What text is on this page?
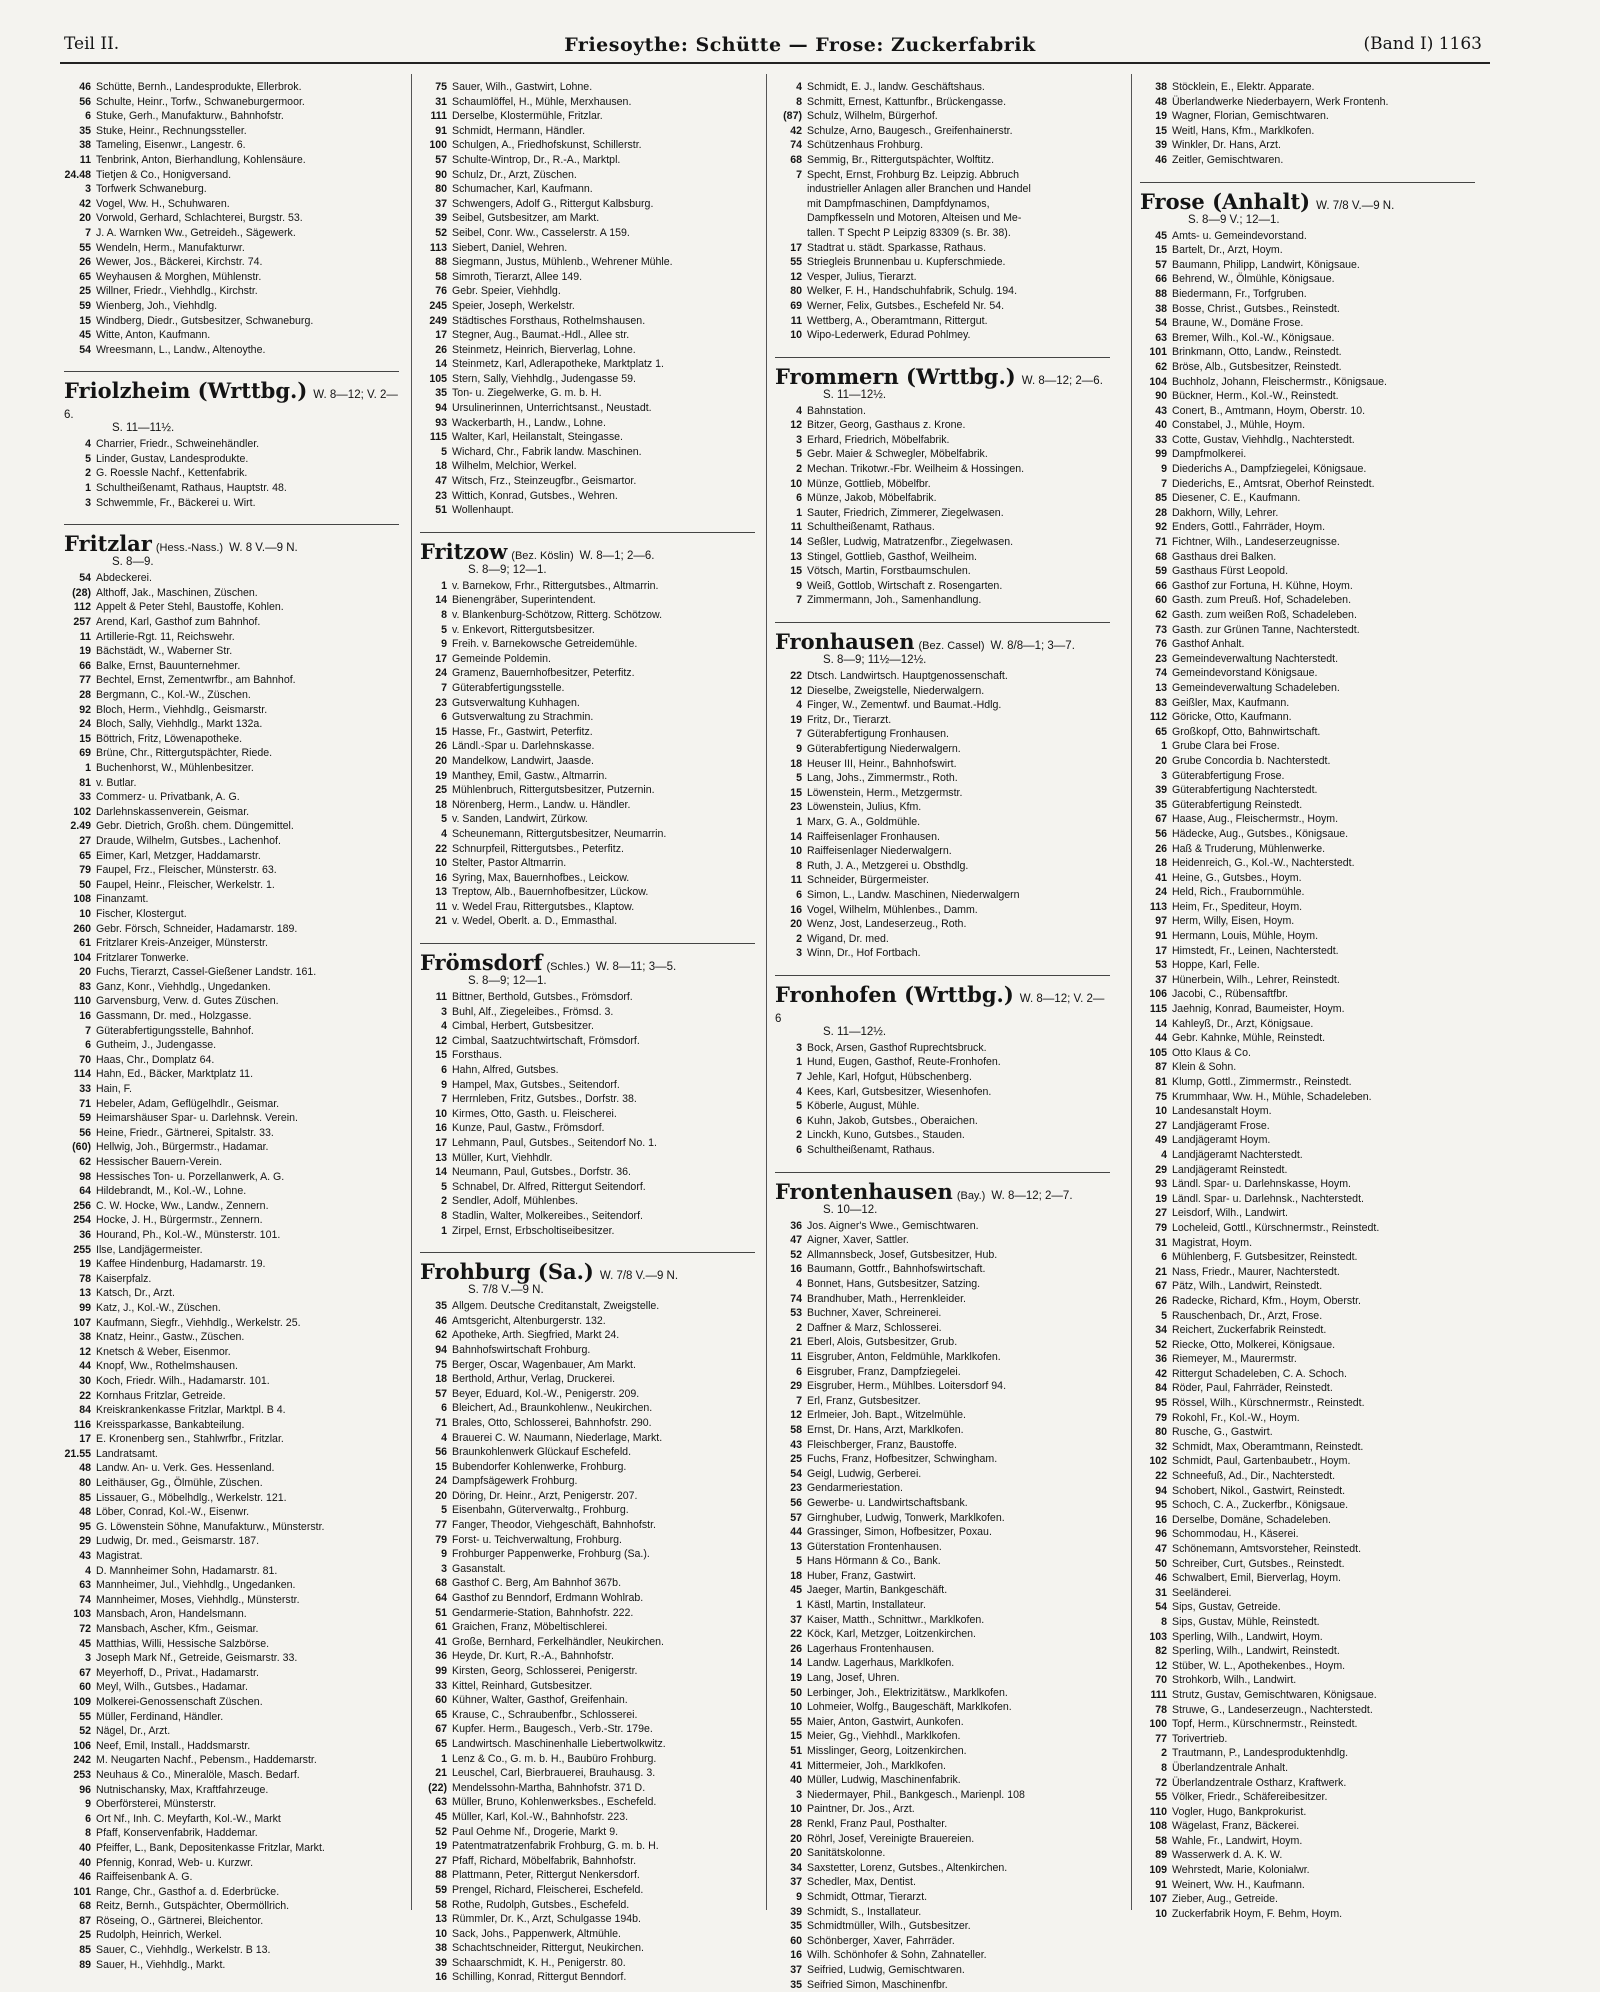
Teil II.	Friesoythe: Schütte — Frose: Zuckerfabrik	(Band I) 1163
46 Schütte, Bernh., Landesprodukte, Ellerbrok.
56 Schulte, Heinr., Torfw., Schwaneburgermoor.
6 Stuke, Gerh., Manufakturw., Bahnhofstr.
35 Stuke, Heinr., Rechnungssteller.
38 Tameling, Eisenwr., Langestr. 6.
11 Tenbrink, Anton, Bierhandlung, Kohlensäure.
24.48 Tietjen & Co., Honigversand.
3 Torfwerk Schwaneburg.
42 Vogel, Ww. H., Schuhwaren.
20 Vorwold, Gerhard, Schlachterei, Burgstr. 53.
7 J. A. Warnken Ww., Getreideh., Sägewerk.
55 Wendeln, Herm., Manufakturwr.
26 Wewer, Jos., Bäckerei, Kirchstr. 74.
65 Weyhausen & Morghen, Mühlenstr.
25 Willner, Friedr., Viehhdlg., Kirchstr.
59 Wienberg, Joh., Viehhdlg.
15 Windberg, Diedr., Gutsbesitzer, Schwaneburg.
45 Witte, Anton, Kaufmann.
54 Wreesmann, L., Landw., Altenoythe.
Friolzheim (Wrttbg.) W. 8—12; V. 2—6.
S. 11—11½.
4 Charrier, Friedr., Schweinehändler.
5 Linder, Gustav, Landesprodukte.
2 G. Roessle Nachf., Kettenfabrik.
1 Schultheißenamt, Rathaus, Hauptstr. 48.
3 Schwemmle, Fr., Bäckerei u. Wirt.
Fritzlar (Hess.-Nass.) W. 8 V.—9 N.
S. 8—9.
54 Abdeckerei.
(28) Althoff, Jak., Maschinen, Züschen.
112 Appelt & Peter Stehl, Baustoffe, Kohlen.
257 Arend, Karl, Gasthof zum Bahnhof.
11 Artillerie-Rgt. 11, Reichswehr.
19 Bächstädt, W., Waberner Str.
66 Balke, Ernst, Bauunternehmer.
77 Bechtel, Ernst, Zementwrfbr., am Bahnhof.
28 Bergmann, C., Kol.-W., Züschen.
92 Bloch, Herm., Viehhdlg., Geismarstr.
24 Bloch, Sally, Viehhdlg., Markt 132a.
15 Böttrich, Fritz, Löwenapotheke.
69 Brüne, Chr., Rittergutspächter, Riede.
1 Buchenhorst, W., Mühlenbesitzer.
81 v. Butlar.
33 Commerz- u. Privatbank, A. G.
102 Darlehnskassenverein, Geismar.
2.49 Gebr. Dietrich, Großh. chem. Düngemittel.
27 Draude, Wilhelm, Gutsbes., Lachenhof.
65 Eimer, Karl, Metzger, Haddamarstr.
79 Faupel, Frz., Fleischer, Münsterstr. 63.
50 Faupel, Heinr., Fleischer, Werkelstr. 1.
108 Finanzamt.
10 Fischer, Klostergut.
260 Gebr. Försch, Schneider, Hadamarstr. 189.
61 Fritzlarer Kreis-Anzeiger, Münsterstr.
104 Fritzlarer Tonwerke.
20 Fuchs, Tierarzt, Cassel-Gießener Landstr. 161.
83 Ganz, Konr., Viehhdlg., Ungedanken.
110 Garvensburg, Verw. d. Gutes Züschen.
16 Gassmann, Dr. med., Holzgasse.
7 Güterabfertigungsstelle, Bahnhof.
6 Gutheim, J., Judengasse.
70 Haas, Chr., Domplatz 64.
114 Hahn, Ed., Bäcker, Marktplatz 11.
33 Hain, F.
71 Hebeler, Adam, Geflügelhdlr., Geismar.
59 Heimarshäuser Spar- u. Darlehnsk. Verein.
56 Heine, Friedr., Gärtnerei, Spitalstr. 33.
(60) Hellwig, Joh., Bürgermstr., Hadamar.
62 Hessischer Bauern-Verein.
98 Hessisches Ton- u. Porzellanwerk, A. G.
64 Hildebrandt, M., Kol.-W., Lohne.
256 C. W. Hocke, Ww., Landw., Zennern.
254 Hocke, J. H., Bürgermstr., Zennern.
36 Hourand, Ph., Kol.-W., Münsterstr. 101.
255 Ilse, Landjägermeister.
19 Kaffee Hindenburg, Hadamarstr. 19.
78 Kaiserpfalz.
13 Katsch, Dr., Arzt.
99 Katz, J., Kol.-W., Züschen.
107 Kaufmann, Siegfr., Viehhdlg., Werkelstr. 25.
38 Knatz, Heinr., Gastw., Züschen.
12 Knetsch & Weber, Eisenmor.
44 Knopf, Ww., Rothelmshausen.
30 Koch, Friedr. Wilh., Hadamarstr. 101.
22 Kornhaus Fritzlar, Getreide.
84 Kreiskrankenkasse Fritzlar, Marktpl. B 4.
116 Kreissparkasse, Bankabteilung.
17 E. Kronenberg sen., Stahlwrfbr., Fritzlar.
21.55 Landratsamt.
48 Landw. An- u. Verk. Ges. Hessenland.
80 Leithäuser, Gg., Ölmühle, Züschen.
85 Lissauer, G., Möbelhdlg., Werkelstr. 121.
48 Löber, Conrad, Kol.-W., Eisenwr.
95 G. Löwenstein Söhne, Manufakturw., Münsterstr.
29 Ludwig, Dr. med., Geismarstr. 187.
43 Magistrat.
4 D. Mannheimer Sohn, Hadamarstr. 81.
63 Mannheimer, Jul., Viehhdlg., Ungedanken.
74 Mannheimer, Moses, Viehhdlg., Münsterstr.
103 Mansbach, Aron, Handelsmann.
72 Mansbach, Ascher, Kfm., Geismar.
45 Matthias, Willi, Hessische Salzbörse.
3 Joseph Mark Nf., Getreide, Geismarstr. 33.
67 Meyerhoff, D., Privat., Hadamarstr.
60 Meyl, Wilh., Gutsbes., Hadamar.
109 Molkerei-Genossenschaft Züschen.
55 Müller, Ferdinand, Händler.
52 Nägel, Dr., Arzt.
106 Neef, Emil, Install., Haddsmarstr.
242 M. Neugarten Nachf., Pebensm., Haddemarstr.
253 Neuhaus & Co., Mineralöle, Masch. Bedarf.
96 Nutnischansky, Max, Kraftfahrzeuge.
9 Oberförsterei, Münsterstr.
6 Ort Nf., Inh. C. Meyfarth, Kol.-W., Markt
8 Pfaff, Konservenfabrik, Haddemar.
40 Pfeiffer, L., Bank, Depositenkasse Fritzlar, Markt.
40 Pfennig, Konrad, Web- u. Kurzwr.
46 Raiffeisenbank A. G.
101 Range, Chr., Gasthof a. d. Ederbrücke.
68 Reitz, Bernh., Gutspächter, Obermöllrich.
87 Röseing, O., Gärtnerei, Bleichentor.
25 Rudolph, Heinrich, Werkel.
85 Sauer, C., Viehhdlg., Werkelstr. B 13.
89 Sauer, H., Viehhdlg., Markt.
75 Sauer, Wilh., Gastwirt, Lohne.
31 Schaumlöffel, H., Mühle, Merxhausen.
111 Derselbe, Klostermühle, Fritzlar.
91 Schmidt, Hermann, Händler.
100 Schulgen, A., Friedhofskunst, Schillerstr.
57 Schulte-Wintrop, Dr., R.-A., Marktpl.
90 Schulz, Dr., Arzt, Züschen.
80 Schumacher, Karl, Kaufmann.
37 Schwengers, Adolf G., Rittergut Kalbsburg.
39 Seibel, Gutsbesitzer, am Markt.
52 Seibel, Conr. Ww., Casselerstr. A 159.
113 Siebert, Daniel, Wehren.
88 Siegmann, Justus, Mühlenb., Wehrener Mühle.
58 Simroth, Tierarzt, Allee 149.
76 Gebr. Speier, Viehhdlg.
245 Speier, Joseph, Werkelstr.
249 Städtisches Forsthaus, Rothelmshausen.
17 Stegner, Aug., Baumat.-Hdl., Allee str.
26 Steinmetz, Heinrich, Bierverlag, Lohne.
14 Steinmetz, Karl, Adlerapotheke, Marktplatz 1.
105 Stern, Sally, Viehhdlg., Judengasse 59.
35 Ton- u. Ziegelwerke, G. m. b. H.
94 Ursulinerinnen, Unterrichtsanst., Neustadt.
93 Wackerbarth, H., Landw., Lohne.
115 Walter, Karl, Heilanstalt, Steingasse.
5 Wichard, Chr., Fabrik landw. Maschinen.
18 Wilhelm, Melchior, Werkel.
47 Witsch, Frz., Steinzeugfbr., Geismartor.
23 Wittich, Konrad, Gutsbes., Wehren.
51 Wollenhaupt.
Fritzow (Bez. Köslin) W. 8—1; 2—6.
S. 8—9; 12—1.
1 v. Barnekow, Frhr., Rittergutsbes., Altmarrin.
14 Bienengräber, Superintendent.
8 v. Blankenburg-Schötzow, Ritterg. Schötzow.
5 v. Enkevort, Rittergutsbesitzer.
9 Freih. v. Barnekowsche Getreidemühle.
17 Gemeinde Poldemin.
24 Gramenz, Bauernhofbesitzer, Peterfitz.
7 Güterabfertigungsstelle.
23 Gutsverwaltung Kuhhagen.
6 Gutsverwaltung zu Strachmin.
15 Hasse, Fr., Gastwirt, Peterfitz.
26 Ländl.-Spar u. Darlehnskasse.
20 Mandelkow, Landwirt, Jaasde.
19 Manthey, Emil, Gastw., Altmarrin.
25 Mühlenbruch, Rittergutsbesitzer, Putzernin.
18 Nörenberg, Herm., Landw. u. Händler.
5 v. Sanden, Landwirt, Zürkow.
4 Scheunemann, Rittergutsbesitzer, Neumarrin.
22 Schnurpfeil, Rittergutsbes., Peterfitz.
10 Stelter, Pastor Altmarrin.
16 Syring, Max, Bauernhofbes., Leickow.
13 Treptow, Alb., Bauernhofbesitzer, Lückow.
11 v. Wedel Frau, Rittergutsbes., Klaptow.
21 v. Wedel, Oberlt. a. D., Emmasthal.
Frömsdorf (Schles.) W. 8—11; 3—5.
S. 8—9; 12—1.
11 Bittner, Berthold, Gutsbes., Frömsdorf.
3 Buhl, Alf., Ziegeleibes., Frömsd. 3.
4 Cimbal, Herbert, Gutsbesitzer.
12 Cimbal, Saatzuchtwirtschaft, Frömsdorf.
15 Forsthaus.
6 Hahn, Alfred, Gutsbes.
9 Hampel, Max, Gutsbes., Seitendorf.
7 Herrnleben, Fritz, Gutsbes., Dorfstr. 38.
10 Kirmes, Otto, Gasth. u. Fleischerei.
16 Kunze, Paul, Gastw., Frömsdorf.
17 Lehmann, Paul, Gutsbes., Seitendorf No. 1.
13 Müller, Kurt, Viehhdlr.
14 Neumann, Paul, Gutsbes., Dorfstr. 36.
5 Schnabel, Dr. Alfred, Rittergut Seitendorf.
2 Sendler, Adolf, Mühlenbes.
8 Stadlin, Walter, Molkereibes., Seitendorf.
1 Zirpel, Ernst, Erbscholtiseibesitzer.
Frohburg (Sa.) W. 7/8 V.—9 N.
S. 7/8 V.—9 N.
35 Allgem. Deutsche Creditanstalt, Zweigstelle.
46 Amtsgericht, Altenburgerstr. 132.
62 Apotheke, Arth. Siegfried, Markt 24.
94 Bahnhofswirtschaft Frohburg.
75 Berger, Oscar, Wagenbauer, Am Markt.
18 Berthold, Arthur, Verlag, Druckerei.
57 Beyer, Eduard, Kol.-W., Penigerstr. 209.
6 Bleichert, Ad., Braunkohlenw., Neukirchen.
71 Brales, Otto, Schlosserei, Bahnhofstr. 290.
4 Brauerei C. W. Naumann, Niederlage, Markt.
56 Braunkohlenwerk Glückauf Eschefeld.
15 Bubendorfer Kohlenwerke, Frohburg.
24 Dampfsägewerk Frohburg.
20 Döring, Dr. Heinr., Arzt, Penigerstr. 207.
5 Eisenbahn, Güterverwaltg., Frohburg.
77 Fanger, Theodor, Viehgeschäft, Bahnhofstr.
79 Forst- u. Teichverwaltung, Frohburg.
9 Frohburger Pappenwerke, Frohburg (Sa.).
3 Gasanstalt.
68 Gasthof C. Berg, Am Bahnhof 367b.
64 Gasthof zu Benndorf, Erdmann Wohlrab.
51 Gendarmerie-Station, Bahnhofstr. 222.
61 Graichen, Franz, Möbeltischlerei.
41 Große, Bernhard, Ferkelhändler, Neukirchen.
36 Heyde, Dr. Kurt, R.-A., Bahnhofstr.
99 Kirsten, Georg, Schlosserei, Penigerstr.
33 Kittel, Reinhard, Gutsbesitzer.
60 Kühner, Walter, Gasthof, Greifenhain.
65 Krause, C., Schraubenfbr., Schlosserei.
67 Kupfer. Herm., Baugesch., Verb.-Str. 179e.
65 Landwirtsch. Maschinenhalle Liebertwolkwitz.
1 Lenz & Co., G. m. b. H., Baubüro Frohburg.
21 Leuschel, Carl, Bierbrauerei, Brauhausg. 3.
(22) Mendelssohn-Martha, Bahnhofstr. 371 D.
63 Müller, Bruno, Kohlenwerksbes., Eschefeld.
45 Müller, Karl, Kol.-W., Bahnhofstr. 223.
52 Paul Oehme Nf., Drogerie, Markt 9.
19 Patentmatratzenfabrik Frohburg, G. m. b. H.
27 Pfaff, Richard, Möbelfabrik, Bahnhofstr.
88 Plattmann, Peter, Rittergut Nenkersdorf.
59 Prengel, Richard, Fleischerei, Eschefeld.
58 Rothe, Rudolph, Gutsbes., Eschefeld.
13 Rümmler, Dr. K., Arzt, Schulgasse 194b.
10 Sack, Johs., Pappenwerk, Altmühle.
38 Schachtschneider, Rittergut, Neukirchen.
39 Schaarschmidt, K. H., Penigerstr. 80.
16 Schilling, Konrad, Rittergut Benndorf.
4 Schmidt, E. J., landw. Geschäftshaus.
8 Schmitt, Ernest, Kattunfbr., Brückengasse.
(87) Schulz, Wilhelm, Bürgerhof.
42 Schulze, Arno, Baugesch., Greifenhainerstr.
74 Schützenhaus Frohburg.
68 Semmig, Br., Rittergutspächter, Wolftitz.
7 Specht, Ernst, Frohburg Bz. Leipzig. Abbruch
industrieller Anlagen aller Branchen und Handel
mit Dampfmaschinen, Dampfdynamos,
Dampfkesseln und Motoren, Alteisen und Me-
tallen. T Specht P Leipzig 83309 (s. Br. 38).
17 Stadtrat u. städt. Sparkasse, Rathaus.
55 Striegleis Brunnenbau u. Kupferschmiede.
12 Vesper, Julius, Tierarzt.
80 Welker, F. H., Handschuhfabrik, Schulg. 194.
69 Werner, Felix, Gutsbes., Eschefeld Nr. 54.
11 Wettberg, A., Oberamtmann, Rittergut.
10 Wipo-Lederwerk, Edurad Pohlmey.
Frommern (Wrttbg.) W. 8—12; 2—6.
S. 11—12½.
4 Bahnstation.
12 Bitzer, Georg, Gasthaus z. Krone.
3 Erhard, Friedrich, Möbelfabrik.
5 Gebr. Maier & Schwegler, Möbelfabrik.
2 Mechan. Trikotwr.-Fbr. Weilheim & Hossingen.
10 Münze, Gottlieb, Möbelfbr.
6 Münze, Jakob, Möbelfabrik.
1 Sauter, Friedrich, Zimmerer, Ziegelwasen.
11 Schultheißenamt, Rathaus.
14 Seßler, Ludwig, Matratzenfbr., Ziegelwasen.
13 Stingel, Gottlieb, Gasthof, Weilheim.
15 Vötsch, Martin, Forstbaumschulen.
9 Weiß, Gottlob, Wirtschaft z. Rosengarten.
7 Zimmermann, Joh., Samenhandlung.
Fronhausen (Bez. Cassel) W. 8/8—1; 3—7.
S. 8—9; 11½—12½.
22 Dtsch. Landwirtsch. Hauptgenossenschaft.
12 Dieselbe, Zweigstelle, Niederwalgern.
4 Finger, W., Zementwf. und Baumat.-Hdlg.
19 Fritz, Dr., Tierarzt.
7 Güterabfertigung Fronhausen.
9 Güterabfertigung Niederwalgern.
18 Heuser III, Heinr., Bahnhofswirt.
5 Lang, Johs., Zimmermstr., Roth.
15 Löwenstein, Herm., Metzgermstr.
23 Löwenstein, Julius, Kfm.
1 Marx, G. A., Goldmühle.
14 Raiffeisenlager Fronhausen.
10 Raiffeisenlager Niederwalgern.
8 Ruth, J. A., Metzgerei u. Obsthdlg.
11 Schneider, Bürgermeister.
6 Simon, L., Landw. Maschinen, Niederwalgern
16 Vogel, Wilhelm, Mühlenbes., Damm.
20 Wenz, Jost, Landeserzeug., Roth.
2 Wigand, Dr. med.
3 Winn, Dr., Hof Fortbach.
Fronhofen (Wrttbg.) W. 8—12; V. 2—6
S. 11—12½.
3 Bock, Arsen, Gasthof Ruprechtsbruck.
1 Hund, Eugen, Gasthof, Reute-Fronhofen.
7 Jehle, Karl, Hofgut, Hübschenberg.
4 Kees, Karl, Gutsbesitzer, Wiesenhofen.
5 Köberle, August, Mühle.
6 Kuhn, Jakob, Gutsbes., Oberaichen.
2 Linckh, Kuno, Gutsbes., Stauden.
6 Schultheißenamt, Rathaus.
Frontenhausen (Bay.) W. 8—12; 2—7.
S. 10—12.
36 Jos. Aigner's Wwe., Gemischtwaren.
47 Aigner, Xaver, Sattler.
52 Allmannsbeck, Josef, Gutsbesitzer, Hub.
16 Baumann, Gottfr., Bahnhofswirtschaft.
4 Bonnet, Hans, Gutsbesitzer, Satzing.
74 Brandhuber, Math., Herrenkleider.
53 Buchner, Xaver, Schreinerei.
2 Daffner & Marz, Schlosserei.
21 Eberl, Alois, Gutsbesitzer, Grub.
11 Eisgruber, Anton, Feldmühle, Marklkofen.
6 Eisgruber, Franz, Dampfziegelei.
29 Eisgruber, Herm., Mühlbes. Loitersdorf 94.
7 Erl, Franz, Gutsbesitzer.
12 Erlmeier, Joh. Bapt., Witzelmühle.
58 Ernst, Dr. Hans, Arzt, Marklkofen.
43 Fleischberger, Franz, Baustoffe.
25 Fuchs, Franz, Hofbesitzer, Schwingham.
54 Geigl, Ludwig, Gerberei.
23 Gendarmeriestation.
56 Gewerbe- u. Landwirtschaftsbank.
57 Girnghuber, Ludwig, Tonwerk, Marklkofen.
44 Grassinger, Simon, Hofbesitzer, Poxau.
13 Güterstation Frontenhausen.
5 Hans Hörmann & Co., Bank.
18 Huber, Franz, Gastwirt.
45 Jaeger, Martin, Bankgeschäft.
1 Kästl, Martin, Installateur.
37 Kaiser, Matth., Schnittwr., Marklkofen.
22 Köck, Karl, Metzger, Loitzenkirchen.
26 Lagerhaus Frontenhausen.
14 Landw. Lagerhaus, Marklkofen.
19 Lang, Josef, Uhren.
50 Lerbinger, Joh., Elektrizitätsw., Marklkofen.
10 Lohmeier, Wolfg., Baugeschäft, Marklkofen.
55 Maier, Anton, Gastwirt, Aunkofen.
15 Meier, Gg., Viehhdl., Marklkofen.
51 Misslinger, Georg, Loitzenkirchen.
41 Mittermeier, Joh., Marklkofen.
40 Müller, Ludwig, Maschinenfabrik.
3 Niedermayer, Phil., Bankgesch., Marienpl. 108
10 Paintner, Dr. Jos., Arzt.
28 Renkl, Franz Paul, Posthalter.
20 Röhrl, Josef, Vereinigte Brauereien.
20 Sanitätskolonne.
34 Saxstetter, Lorenz, Gutsbes., Altenkirchen.
37 Schedler, Max, Dentist.
9 Schmidt, Ottmar, Tierarzt.
39 Schmidt, S., Installateur.
35 Schmidtmüller, Wilh., Gutsbesitzer.
60 Schönberger, Xaver, Fahrräder.
16 Wilh. Schönhofer & Sohn, Zahnateller.
37 Seifried, Ludwig, Gemischtwaren.
35 Seifried Simon, Maschinenfbr.
38 Stöcklein, E., Elektr. Apparate.
48 Überlandwerke Niederbayern, Werk Frontenh.
19 Wagner, Florian, Gemischtwaren.
15 Weitl, Hans, Kfm., Marklkofen.
39 Winkler, Dr. Hans, Arzt.
46 Zeitler, Gemischtwaren.
Frose (Anhalt) W. 7/8 V.—9 N.
S. 8—9 V.; 12—1.
45 Amts- u. Gemeindevorstand.
15 Bartelt, Dr., Arzt, Hoym.
57 Baumann, Philipp, Landwirt, Königsaue.
66 Behrend, W., Ölmühle, Königsaue.
88 Biedermann, Fr., Torfgruben.
38 Bosse, Christ., Gutsbes., Reinstedt.
54 Braune, W., Domäne Frose.
63 Bremer, Wilh., Kol.-W., Königsaue.
101 Brinkmann, Otto, Landw., Reinstedt.
62 Bröse, Alb., Gutsbesitzer, Reinstedt.
104 Buchholz, Johann, Fleischermstr., Königsaue.
90 Bückner, Herm., Kol.-W., Reinstedt.
43 Conert, B., Amtmann, Hoym, Oberstr. 10.
40 Constabel, J., Mühle, Hoym.
33 Cotte, Gustav, Viehhdlg., Nachterstedt.
99 Dampfmolkerei.
9 Diederichs A., Dampfziegelei, Königsaue.
7 Diederichs, E., Amtsrat, Oberhof Reinstedt.
85 Diesener, C. E., Kaufmann.
28 Dakhorn, Willy, Lehrer.
92 Enders, Gottl., Fahrräder, Hoym.
71 Fichtner, Wilh., Landeserzeugnisse.
68 Gasthaus drei Balken.
59 Gasthaus Fürst Leopold.
66 Gasthof zur Fortuna, H. Kühne, Hoym.
60 Gasth. zum Preuß. Hof, Schadeleben.
62 Gasth. zum weißen Roß, Schadeleben.
73 Gasth. zur Grünen Tanne, Nachterstedt.
76 Gasthof Anhalt.
23 Gemeindeverwaltung Nachterstedt.
74 Gemeindevorstand Königsaue.
13 Gemeindeverwaltung Schadeleben.
83 Geißler, Max, Kaufmann.
112 Göricke, Otto, Kaufmann.
65 Großkopf, Otto, Bahnwirtschaft.
1 Grube Clara bei Frose.
20 Grube Concordia b. Nachterstedt.
3 Güterabfertigung Frose.
39 Güterabfertigung Nachterstedt.
35 Güterabfertigung Reinstedt.
67 Haase, Aug., Fleischermstr., Hoym.
56 Hädecke, Aug., Gutsbes., Königsaue.
26 Haß & Truderung, Mühlenwerke.
18 Heidenreich, G., Kol.-W., Nachterstedt.
41 Heine, G., Gutsbes., Hoym.
24 Held, Rich., Fraubornmühle.
113 Heim, Fr., Spediteur, Hoym.
97 Herm, Willy, Eisen, Hoym.
91 Hermann, Louis, Mühle, Hoym.
17 Himstedt, Fr., Leinen, Nachterstedt.
53 Hoppe, Karl, Felle.
37 Hünerbein, Wilh., Lehrer, Reinstedt.
106 Jacobi, C., Rübensaftfbr.
115 Jaehnig, Konrad, Baumeister, Hoym.
14 Kahleyß, Dr., Arzt, Königsaue.
44 Gebr. Kahnke, Mühle, Reinstedt.
105 Otto Klaus & Co.
87 Klein & Sohn.
81 Klump, Gottl., Zimmermstr., Reinstedt.
75 Krummhaar, Ww. H., Mühle, Schadeleben.
10 Landesanstalt Hoym.
27 Landjägeramt Frose.
49 Landjägeramt Hoym.
4 Landjägeramt Nachterstedt.
29 Landjägeramt Reinstedt.
93 Ländl. Spar- u. Darlehnskasse, Hoym.
19 Ländl. Spar- u. Darlehnsk., Nachterstedt.
27 Leisdorf, Wilh., Landwirt.
79 Locheleid, Gottl., Kürschnermstr., Reinstedt.
31 Magistrat, Hoym.
6 Mühlenberg, F. Gutsbesitzer, Reinstedt.
21 Nass, Friedr., Maurer, Nachterstedt.
67 Pätz, Wilh., Landwirt, Reinstedt.
26 Radecke, Richard, Kfm., Hoym, Oberstr.
5 Rauschenbach, Dr., Arzt, Frose.
34 Reichert, Zuckerfabrik Reinstedt.
52 Riecke, Otto, Molkerei, Königsaue.
36 Riemeyer, M., Maurermstr.
42 Rittergut Schadeleben, C. A. Schoch.
84 Röder, Paul, Fahrräder, Reinstedt.
95 Rössel, Wilh., Kürschnermstr., Reinstedt.
79 Rokohl, Fr., Kol.-W., Hoym.
80 Rusche, G., Gastwirt.
32 Schmidt, Max, Oberamtmann, Reinstedt.
102 Schmidt, Paul, Gartenbaubetr., Hoym.
22 Schneefuß, Ad., Dir., Nachterstedt.
94 Schobert, Nikol., Gastwirt, Reinstedt.
95 Schoch, C. A., Zuckerfbr., Königsaue.
16 Derselbe, Domäne, Schadeleben.
96 Schommodau, H., Käserei.
47 Schönemann, Amtsvorsteher, Reinstedt.
50 Schreiber, Curt, Gutsbes., Reinstedt.
46 Schwalbert, Emil, Bierverlag, Hoym.
31 Seeländerei.
54 Sips, Gustav, Getreide.
8 Sips, Gustav, Mühle, Reinstedt.
103 Sperling, Wilh., Landwirt, Hoym.
82 Sperling, Wilh., Landwirt, Reinstedt.
12 Stüber, W. L., Apothekenbes., Hoym.
70 Strohkorb, Wilh., Landwirt.
111 Strutz, Gustav, Gemischtwaren, Königsaue.
78 Struwe, G., Landeserzeugn., Nachterstedt.
100 Topf, Herm., Kürschnermstr., Reinstedt.
77 Torivertrieb.
2 Trautmann, P., Landesproduktenhdlg.
8 Überlandzentrale Anhalt.
72 Überlandzentrale Ostharz, Kraftwerk.
55 Völker, Friedr., Schäfereibesitzer.
110 Vogler, Hugo, Bankprokurist.
108 Wägelast, Franz, Bäckerei.
58 Wahle, Fr., Landwirt, Hoym.
89 Wasserwerk d. A. K. W.
109 Wehrstedt, Marie, Kolonialwr.
91 Weinert, Ww. H., Kaufmann.
107 Zieber, Aug., Getreide.
10 Zuckerfabrik Hoym, F. Behm, Hoym.
